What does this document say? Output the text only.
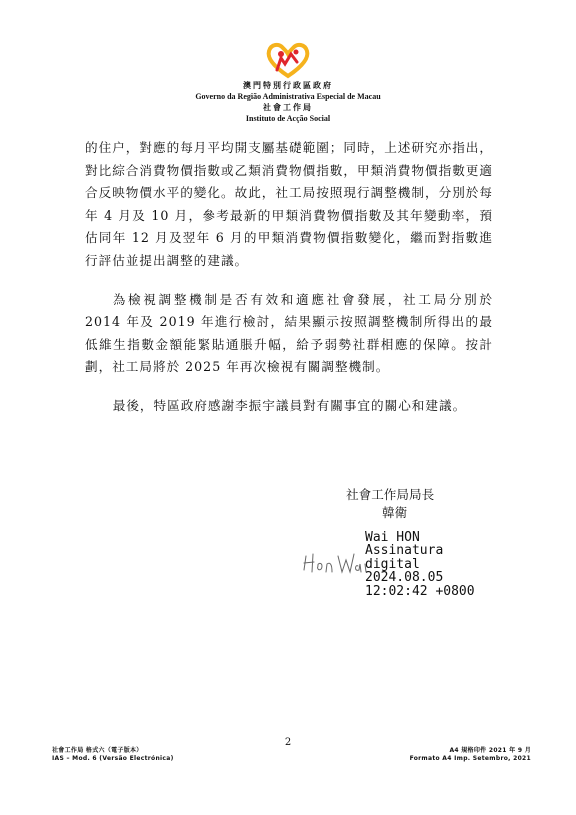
澳門特別行政區政府
Governo da Região Administrativa Especial de Macau
社會工作局
Instituto de Acção Social

的住户，對應的每月平均開支屬基礎範圍；同時，上述研究亦指出，對比綜合消費物價指數或乙類消費物價指數，甲類消費物價指數更適合反映物價水平的變化。故此，社工局按照現行調整機制，分別於每年 4 月及 10 月，參考最新的甲類消費物價指數及其年變動率，預估同年 12 月及翌年 6 月的甲類消費物價指數變化，繼而對指數進行評估並提出調整的建議。

為檢視調整機制是否有效和適應社會發展，社工局分別於 2014 年及 2019 年進行檢討，結果顯示按照調整機制所得出的最低維生指數金額能緊貼通脹升幅，給予弱勢社群相應的保障。按計劃，社工局將於 2025 年再次檢視有關調整機制。

最後，特區政府感謝李振宇議員對有關事宜的關心和建議。

社會工作局局長
韓衛
Wai HON
Assinatura
digital
2024.08.05
12:02:42 +0800
2
社會工作局 格式六（電子版本）
IAS – Mod. 6 (Versão Electrónica)
A4 規格印件 2021 年 9 月
Formato A4 Imp. Setembro, 2021
